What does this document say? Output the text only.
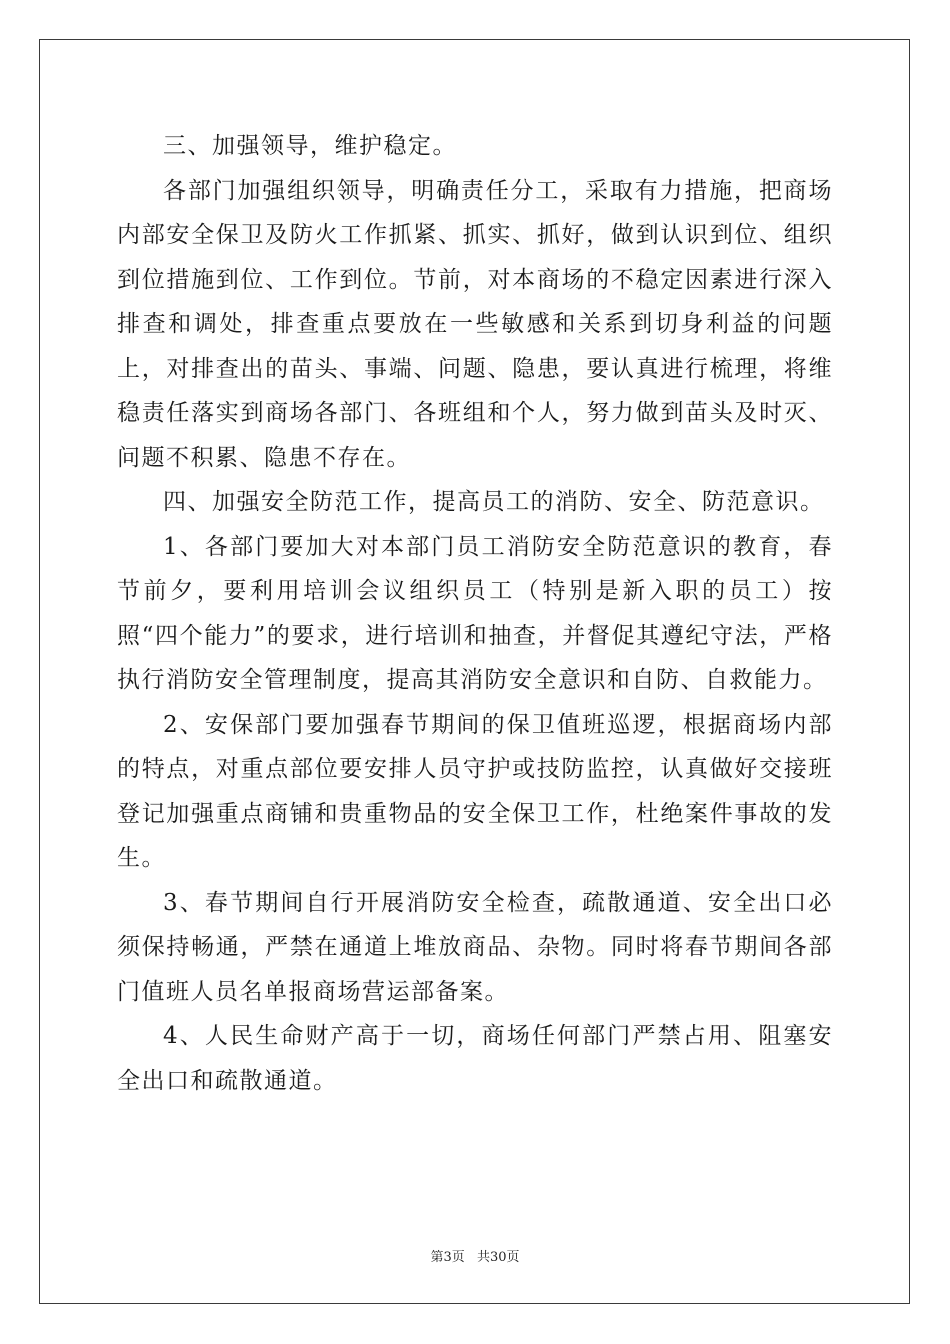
三、加强领导，维护稳定。

各部门加强组织领导，明确责任分工，采取有力措施，把商场内部安全保卫及防火工作抓紧、抓实、抓好，做到认识到位、组织到位措施到位、工作到位。节前，对本商场的不稳定因素进行深入排查和调处，排查重点要放在一些敏感和关系到切身利益的问题上，对排查出的苗头、事端、问题、隐患，要认真进行梳理，将维稳责任落实到商场各部门、各班组和个人，努力做到苗头及时灭、问题不积累、隐患不存在。

四、加强安全防范工作，提高员工的消防、安全、防范意识。

1、各部门要加大对本部门员工消防安全防范意识的教育，春节前夕，要利用培训会议组织员工（特别是新入职的员工）按照“四个能力”的要求，进行培训和抽查，并督促其遵纪守法，严格执行消防安全管理制度，提高其消防安全意识和自防、自救能力。

2、安保部门要加强春节期间的保卫值班巡逻，根据商场内部的特点，对重点部位要安排人员守护或技防监控，认真做好交接班登记加强重点商铺和贵重物品的安全保卫工作，杜绝案件事故的发生。

3、春节期间自行开展消防安全检查，疏散通道、安全出口必须保持畅通，严禁在通道上堆放商品、杂物。同时将春节期间各部门值班人员名单报商场营运部备案。

4、人民生命财产高于一切，商场任何部门严禁占用、阻塞安全出口和疏散通道。

第3页 共30页
